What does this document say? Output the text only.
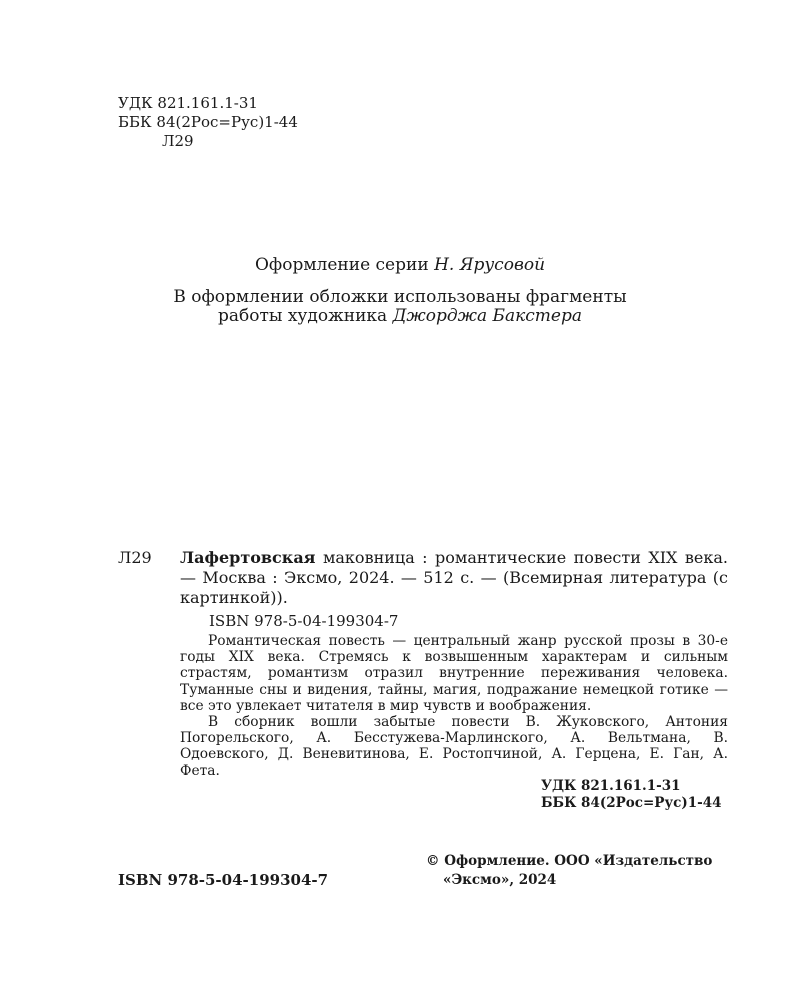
УДК 821.161.1-31
ББК 84(2Рос=Рус)1-44
Л29
Оформление серии Н. Ярусовой
В оформлении обложки использованы фрагменты
работы художника Джорджа Бакстера
Л29 Лафертовская маковница : романтические повести XIX века. — Москва : Эксмо, 2024. — 512 с. — (Всемирная литература (с картинкой)).
ISBN 978-5-04-199304-7

Романтическая повесть — центральный жанр русской прозы в 30-е годы XIX века. Стремясь к возвышенным характерам и сильным страстям, романтизм отразил внутренние переживания человека. Туманные сны и видения, тайны, магия, подражание немецкой готике — все это увлекает читателя в мир чувств и воображения.

В сборник вошли забытые повести В. Жуковского, Антония Погорельского, А. Бесстужева-Марлинского, А. Вельтмана, В. Одоевского, Д. Веневитинова, Е. Ростопчиной, А. Герцена, Е. Ган, А. Фета.

УДК 821.161.1-31
ББК 84(2Рос=Рус)1-44
© Оформление. ООО «Издательство
«Эксмо», 2024
ISBN 978-5-04-199304-7
